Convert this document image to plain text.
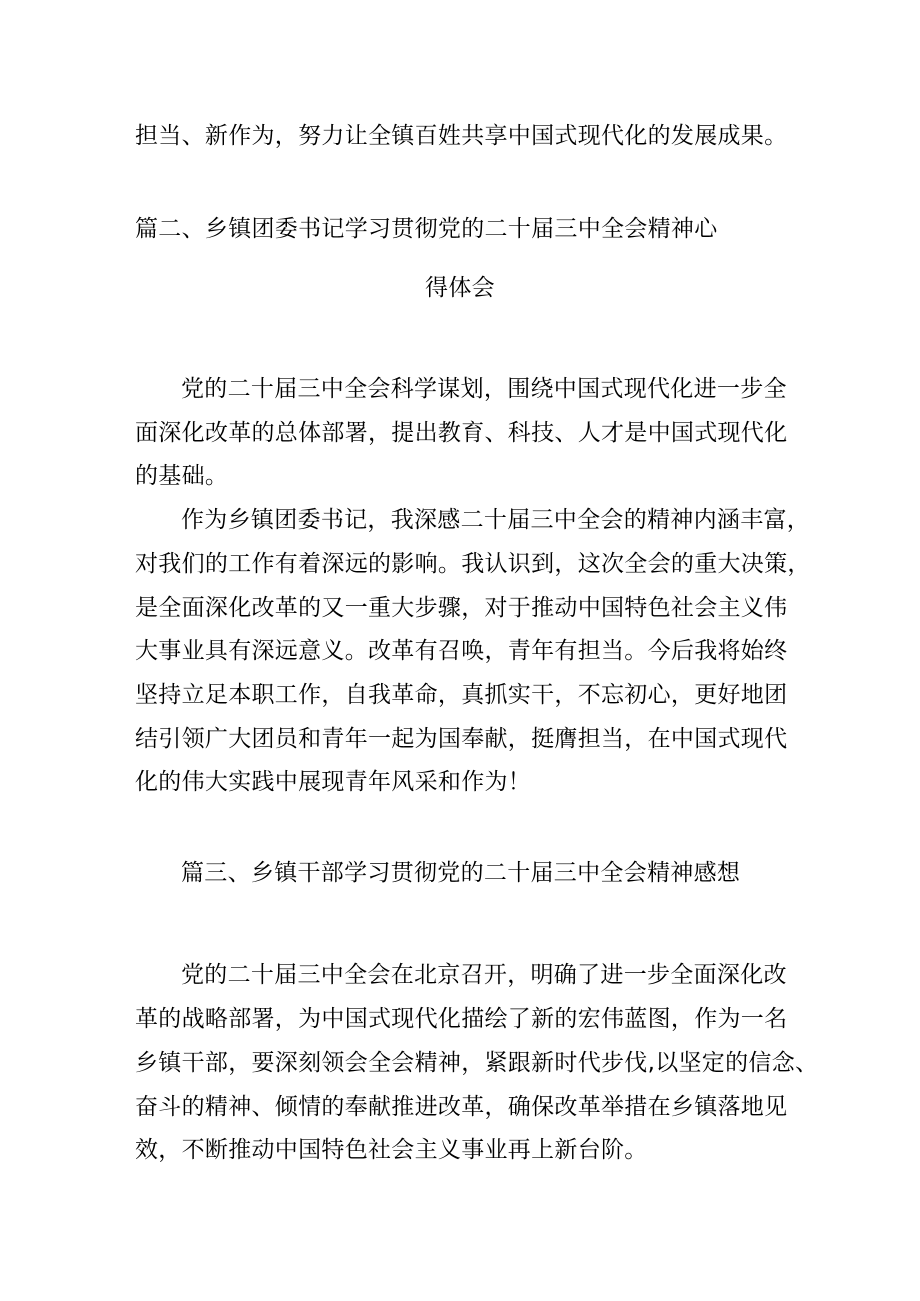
担当、新作为，努力让全镇百姓共享中国式现代化的发展成果。
篇二、乡镇团委书记学习贯彻党的二十届三中全会精神心
得体会
党的二十届三中全会科学谋划，围绕中国式现代化进一步全
面深化改革的总体部署，提出教育、科技、人才是中国式现代化
的基础。
作为乡镇团委书记，我深感二十届三中全会的精神内涵丰富，
对我们的工作有着深远的影响。我认识到，这次全会的重大决策，
是全面深化改革的又一重大步骤，对于推动中国特色社会主义伟
大事业具有深远意义。改革有召唤，青年有担当。今后我将始终
坚持立足本职工作，自我革命，真抓实干，不忘初心，更好地团
结引领广大团员和青年一起为国奉献，挺膺担当，在中国式现代
化的伟大实践中展现青年风采和作为！
篇三、乡镇干部学习贯彻党的二十届三中全会精神感想
党的二十届三中全会在北京召开，明确了进一步全面深化改
革的战略部署，为中国式现代化描绘了新的宏伟蓝图，作为一名
乡镇干部，要深刻领会全会精神，紧跟新时代步伐,以坚定的信念、
奋斗的精神、倾情的奉献推进改革，确保改革举措在乡镇落地见
效，不断推动中国特色社会主义事业再上新台阶。
